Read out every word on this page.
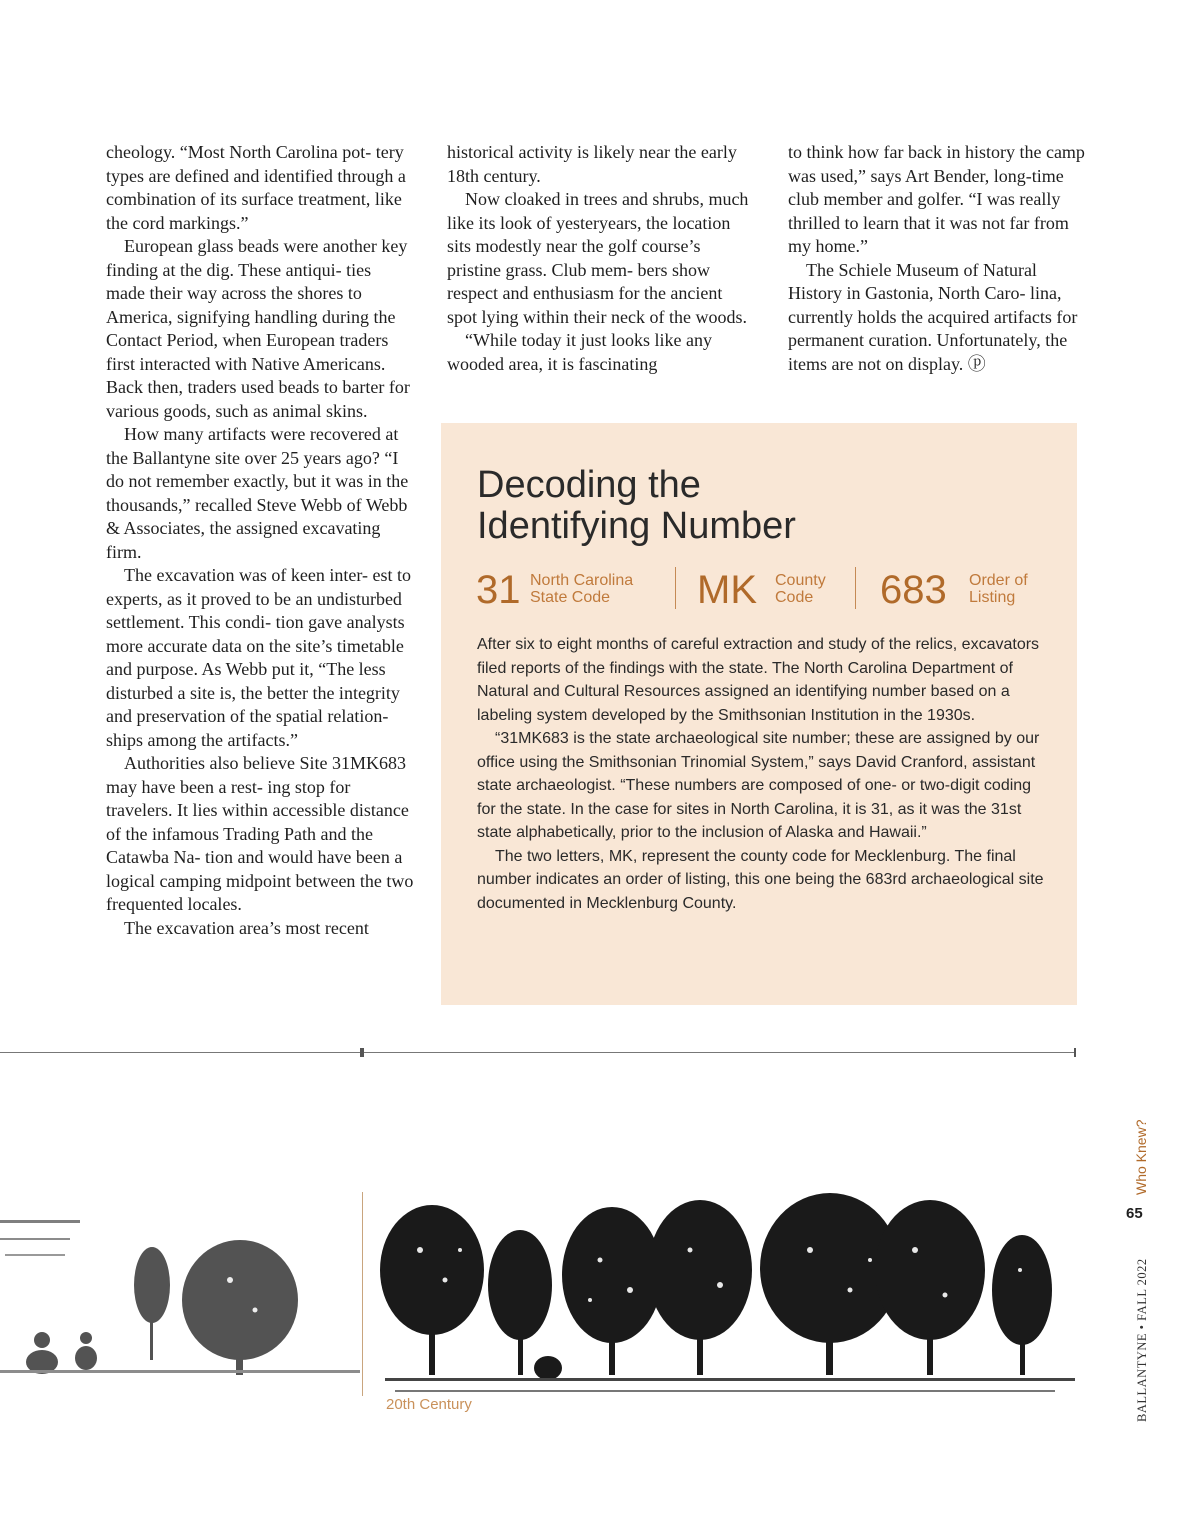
cheology. “Most North Carolina pot- tery types are defined and identified through a combination of its surface treatment, like the cord markings.”

European glass beads were another key finding at the dig. These antiqui- ties made their way across the shores to America, signifying handling during the Contact Period, when European traders first interacted with Native Americans. Back then, traders used beads to barter for various goods, such as animal skins.

How many artifacts were recovered at the Ballantyne site over 25 years ago? “I do not remember exactly, but it was in the thousands,” recalled Steve Webb of Webb & Associates, the assigned excavating firm.

The excavation was of keen inter- est to experts, as it proved to be an undisturbed settlement. This condi- tion gave analysts more accurate data on the site’s timetable and purpose. As Webb put it, “The less disturbed a site is, the better the integrity and preservation of the spatial relation- ships among the artifacts.”

Authorities also believe Site 31MK683 may have been a rest- ing stop for travelers. It lies within accessible distance of the infamous Trading Path and the Catawba Na- tion and would have been a logical camping midpoint between the two frequented locales.

The excavation area’s most recent

historical activity is likely near the early 18th century.

Now cloaked in trees and shrubs, much like its look of yesteryears, the location sits modestly near the golf course’s pristine grass. Club mem- bers show respect and enthusiasm for the ancient spot lying within their neck of the woods.

“While today it just looks like any wooded area, it is fascinating

to think how far back in history the camp was used,” says Art Bender, long-time club member and golfer. “I was really thrilled to learn that it was not far from my home.”

The Schiele Museum of Natural History in Gastonia, North Caro- lina, currently holds the acquired artifacts for permanent curation. Unfortunately, the items are not on display. ⓟ

Decoding the
Identifying Number
31 North Carolina
State Code	MK County
Code	683 Order of
Listing

After six to eight months of careful extraction and study of the relics, excavators filed reports of the findings with the state. The North Carolina Department of Natural and Cultural Resources assigned an identifying number based on a labeling system developed by the Smithsonian Institution in the 1930s.

“31MK683 is the state archaeological site number; these are assigned by our office using the Smithsonian Trinomial System,” says David Cranford, assistant state archaeologist. “These numbers are composed of one- or two-digit coding for the state. In the case for sites in North Carolina, it is 31, as it was the 31st state alphabetically, prior to the inclusion of Alaska and Hawaii.”

The two letters, MK, represent the county code for Mecklenburg. The final number indicates an order of listing, this one being the 683rd archaeological site documented in Mecklenburg County.

20th Century
Who Knew?
65
BALLANTYNE • FALL 2022
